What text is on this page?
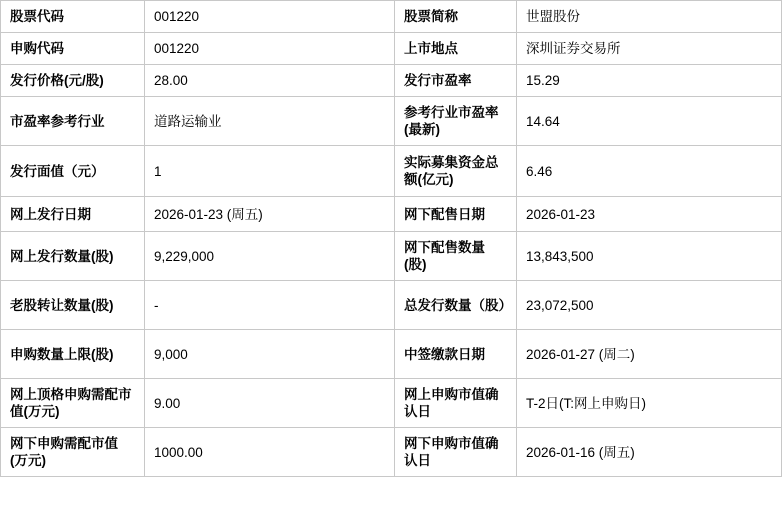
股票代码	001220	股票简称	世盟股份
申购代码	001220	上市地点	深圳证券交易所
发行价格(元/股)	28.00	发行市盈率	15.29
市盈率参考行业	道路运输业	参考行业市盈率(最新)	14.64
发行面值（元）	1	实际募集资金总额(亿元)	6.46
网上发行日期	2026-01-23 (周五)	网下配售日期	2026-01-23
网上发行数量(股)	9,229,000	网下配售数量(股)	13,843,500
老股转让数量(股)	-	总发行数量（股）	23,072,500
申购数量上限(股)	9,000	中签缴款日期	2026-01-27 (周二)
网上顶格申购需配市值(万元)	9.00	网上申购市值确认日	T-2日(T:网上申购日)
网下申购需配市值(万元)	1000.00	网下申购市值确认日	2026-01-16 (周五)
